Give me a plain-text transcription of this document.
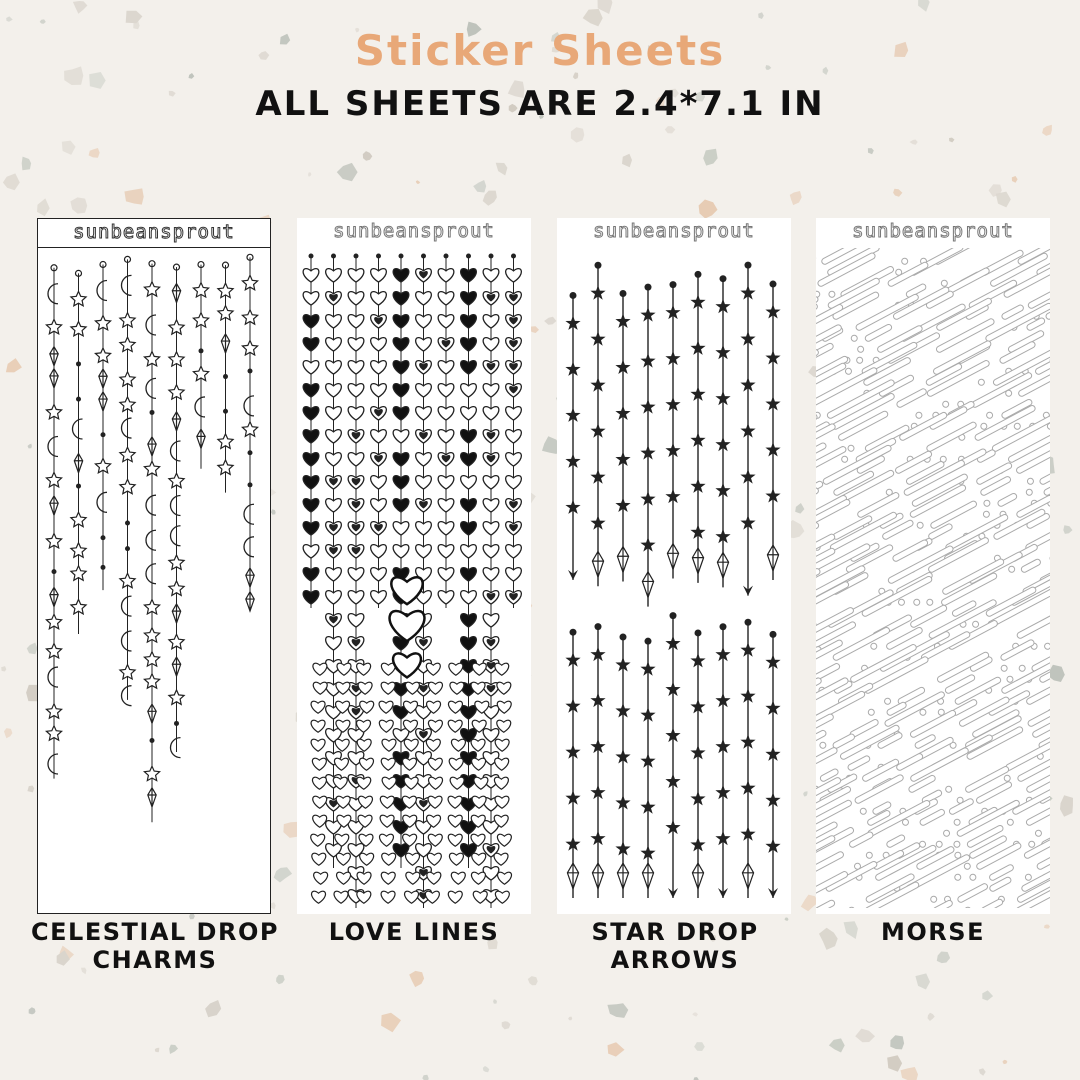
Sticker Sheets
ALL SHEETS ARE 2.4*7.1 IN
sunbeansprout	sunbeansprout	sunbeansprout	sunbeansprout
CELESTIAL DROP
CHARMS
LOVE LINES	STAR DROP
ARROWS
MORSE
